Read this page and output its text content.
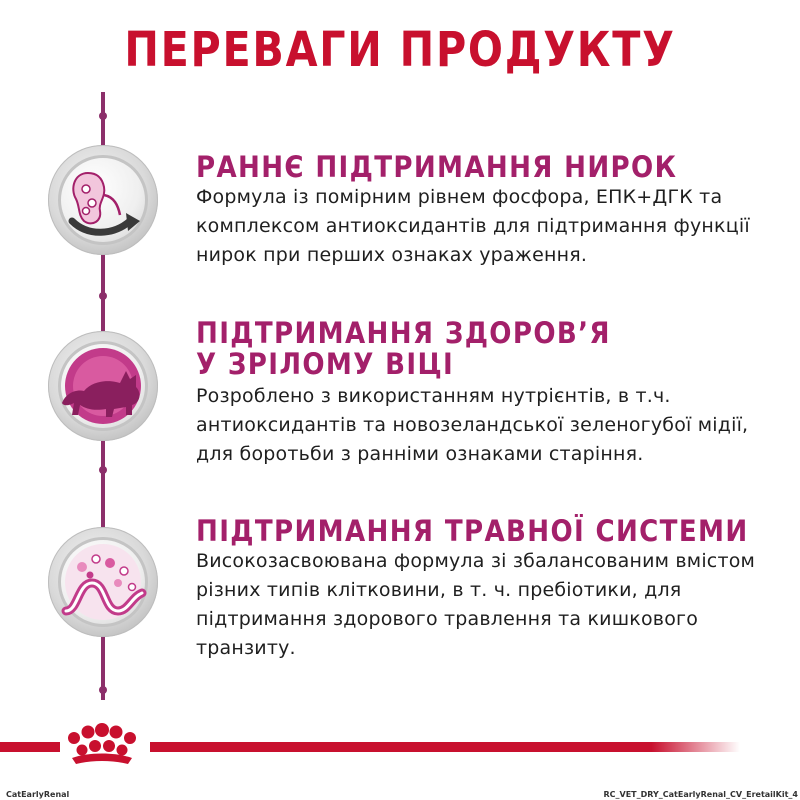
ПЕРЕВАГИ ПРОДУКТУ
РАННЄ ПІДТРИМАННЯ НИРОК
Формула із помірним рівнем фосфора, ЕПК+ДГК та комплексом антиоксидантів для підтримання функції нирок при перших ознаках ураження.
ПІДТРИМАННЯ ЗДОРОВ’Я
У ЗРІЛОМУ ВІЦІ
Розроблено з використанням нутрієнтів, в т.ч. антиоксидантів та новозеландської зеленогубої мідії, для боротьби з ранніми ознаками старіння.
ПІДТРИМАННЯ ТРАВНОЇ СИСТЕМИ
Високозасвоювана формула зі збалансованим вмістом різних типів клітковини, в т. ч. пребіотики, для підтримання здорового травлення та кишкового транзиту.
CatEarlyRenal	RC_VET_DRY_CatEarlyRenal_CV_EretailKit_4
